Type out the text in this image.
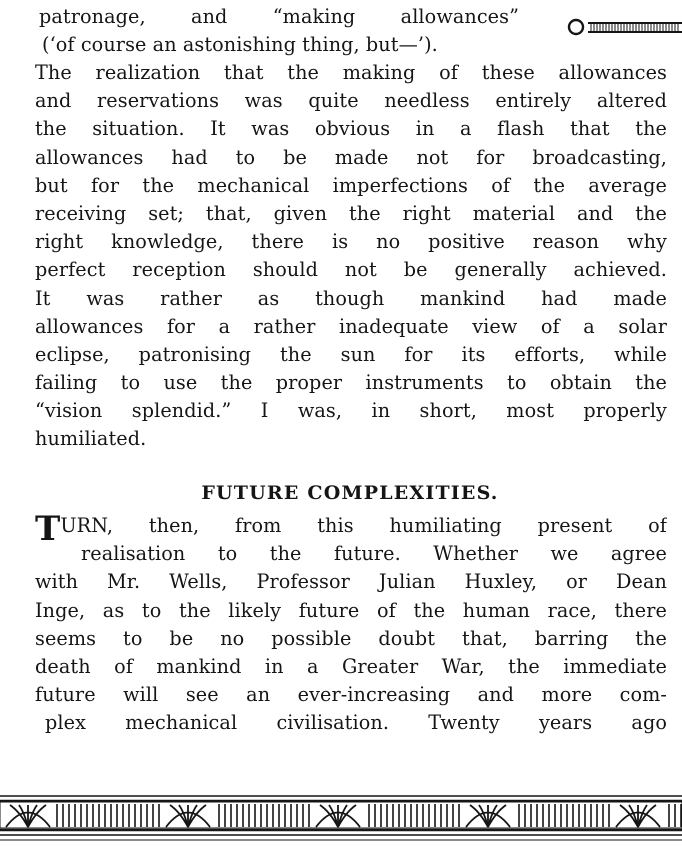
patronage, and “making allowances”
(‘of course an astonishing thing, but—’).
The realization that the making of these allowances
and reservations was quite needless entirely altered
the situation. It was obvious in a flash that the
allowances had to be made not for broadcasting,
but for the mechanical imperfections of the average
receiving set; that, given the right material and the
right knowledge, there is no positive reason why
perfect reception should not be generally achieved.
It was rather as though mankind had made
allowances for a rather inadequate view of a solar
eclipse, patronising the sun for its efforts, while
failing to use the proper instruments to obtain the
“vision splendid.” I was, in short, most properly
humiliated.
FUTURE COMPLEXITIES.
TURN, then, from this humiliating present of
realisation to the future. Whether we agree
with Mr. Wells, Professor Julian Huxley, or Dean
Inge, as to the likely future of the human race, there
seems to be no possible doubt that, barring the
death of mankind in a Greater War, the immediate
future will see an ever-increasing and more com-
plex mechanical civilisation. Twenty years ago
